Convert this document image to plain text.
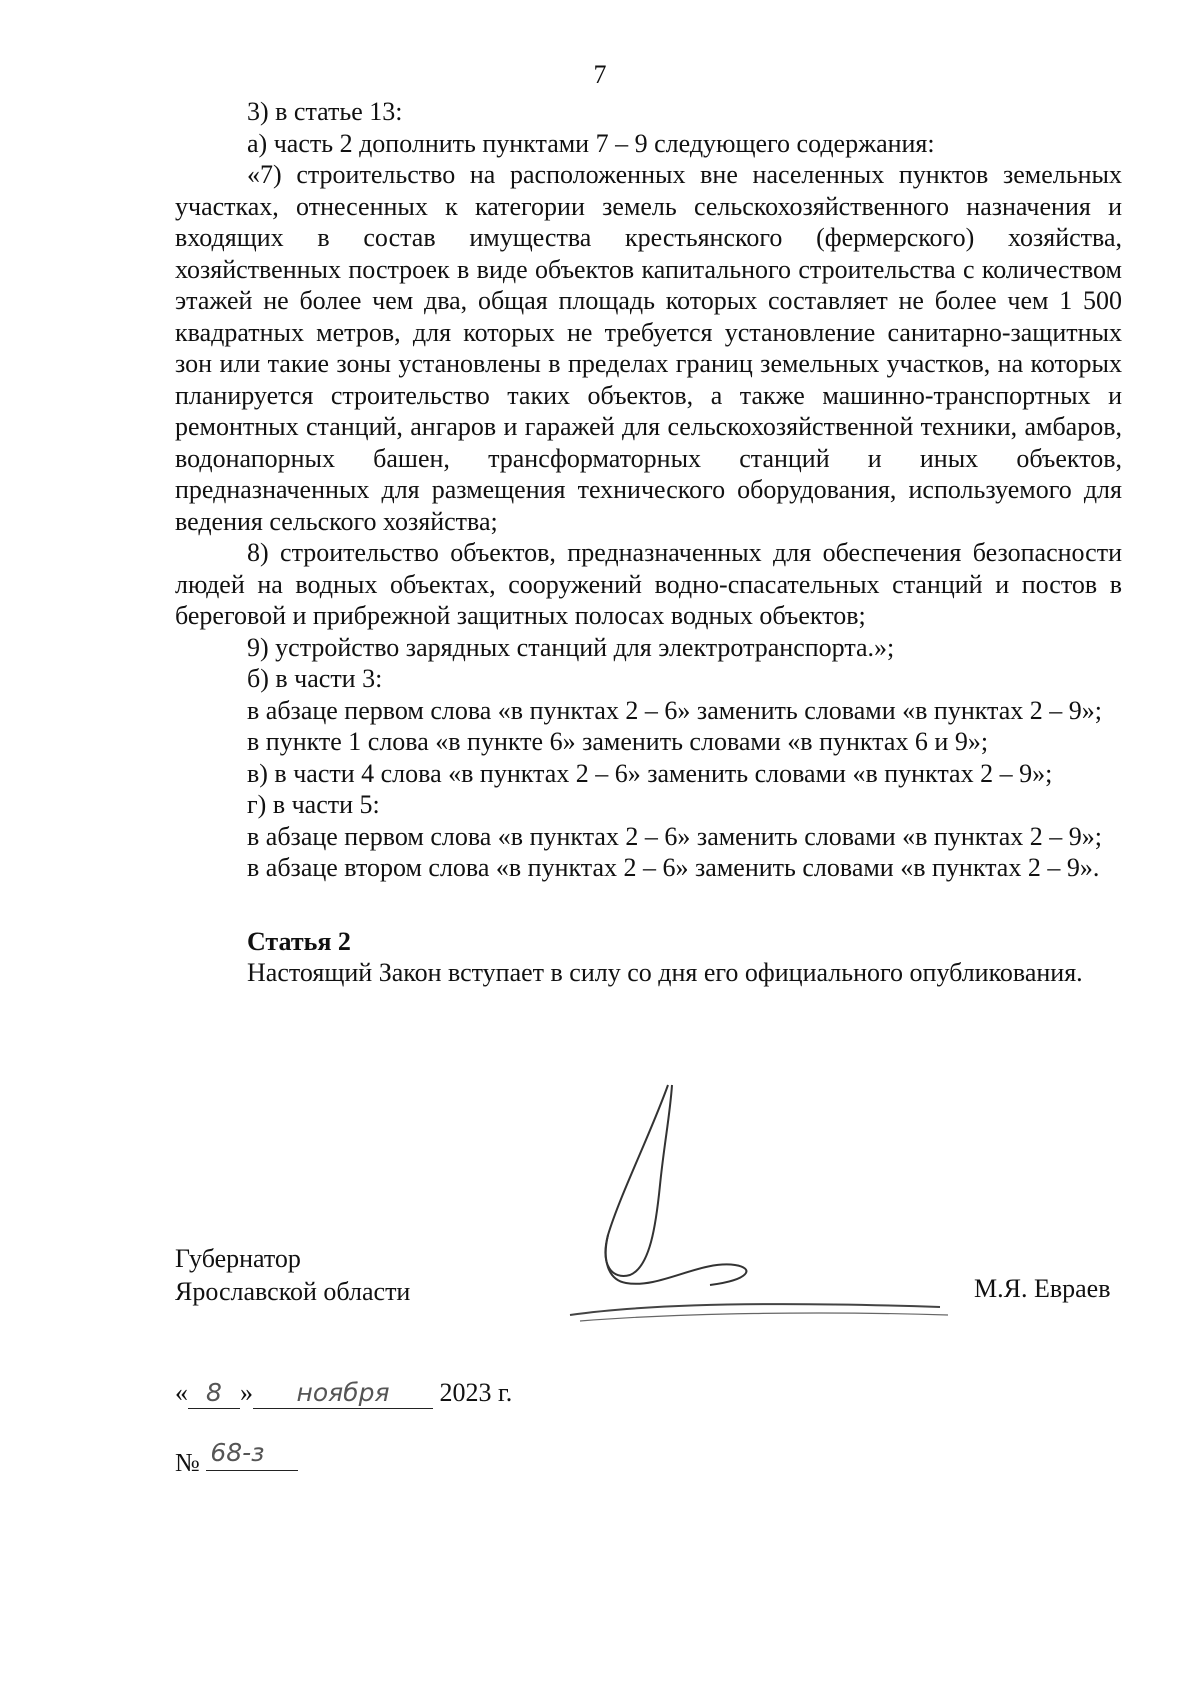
7

3) в статье 13:

а) часть 2 дополнить пунктами 7 – 9 следующего содержания:

«7) строительство на расположенных вне населенных пунктов земельных участках, отнесенных к категории земель сельскохозяйственного назначения и входящих в состав имущества крестьянского (фермерского) хозяйства, хозяйственных построек в виде объектов капитального строительства с количеством этажей не более чем два, общая площадь которых составляет не более чем 1 500 квадратных метров, для которых не требуется установление санитарно-защитных зон или такие зоны установлены в пределах границ земельных участков, на которых планируется строительство таких объектов, а также машинно-транспортных и ремонтных станций, ангаров и гаражей для сельскохозяйственной техники, амбаров, водонапорных башен, трансформаторных станций и иных объектов, предназначенных для размещения технического оборудования, используемого для ведения сельского хозяйства;

8) строительство объектов, предназначенных для обеспечения безопасности людей на водных объектах, сооружений водно-спасательных станций и постов в береговой и прибрежной защитных полосах водных объектов;

9) устройство зарядных станций для электротранспорта.»;

б) в части 3:

в абзаце первом слова «в пунктах 2 – 6» заменить словами «в пунктах 2 – 9»;

в пункте 1 слова «в пункте 6» заменить словами «в пунктах 6 и 9»;

в) в части 4 слова «в пунктах 2 – 6» заменить словами «в пунктах 2 – 9»;

г) в части 5:

в абзаце первом слова «в пунктах 2 – 6» заменить словами «в пунктах 2 – 9»;

в абзаце втором слова «в пунктах 2 – 6» заменить словами «в пунктах 2 – 9».

Статья 2

Настоящий Закон вступает в силу со дня его официального опубликования.

Губернатор
Ярославской области	М.Я. Евраев
« 8 » ноября 2023 г.
№ 68-з
